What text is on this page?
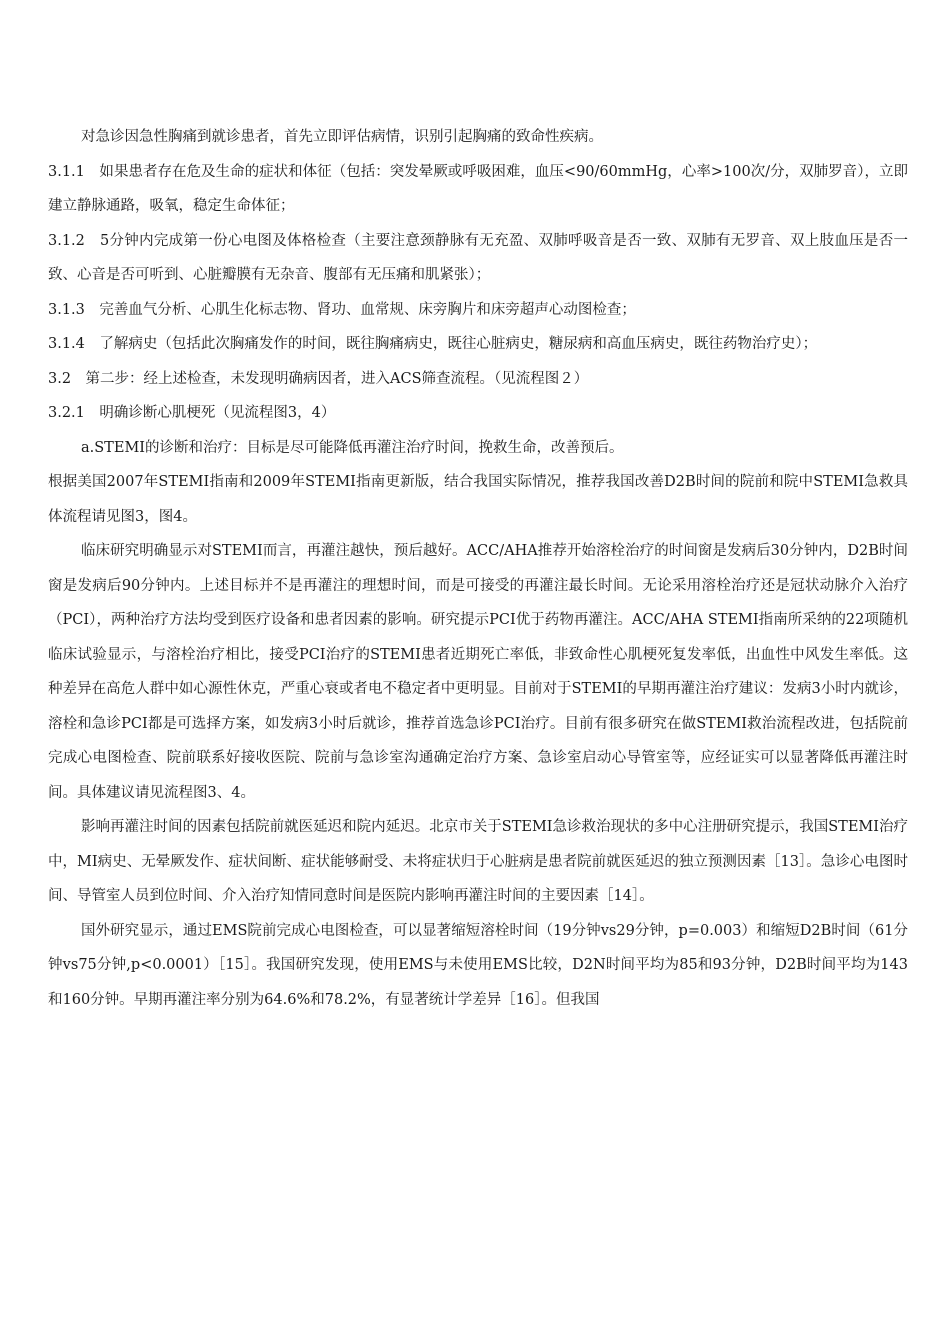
对急诊因急性胸痛到就诊患者，首先立即评估病情，识别引起胸痛的致命性疾病。

3.1.1　如果患者存在危及生命的症状和体征（包括：突发晕厥或呼吸困难，血压<90/60mmHg，心率>100次/分，双肺罗音），立即建立静脉通路，吸氧，稳定生命体征；

3.1.2　5分钟内完成第一份心电图及体格检查（主要注意颈静脉有无充盈、双肺呼吸音是否一致、双肺有无罗音、双上肢血压是否一致、心音是否可听到、心脏瓣膜有无杂音、腹部有无压痛和肌紧张）；

3.1.3　完善血气分析、心肌生化标志物、肾功、血常规、床旁胸片和床旁超声心动图检查；

3.1.4　了解病史（包括此次胸痛发作的时间，既往胸痛病史，既往心脏病史，糖尿病和高血压病史，既往药物治疗史）；

3.2　第二步：经上述检查，未发现明确病因者，进入ACS筛查流程。（见流程图２）

3.2.1　明确诊断心肌梗死（见流程图3，4）

a.STEMI的诊断和治疗：目标是尽可能降低再灌注治疗时间，挽救生命，改善预后。

根据美国2007年STEMI指南和2009年STEMI指南更新版，结合我国实际情况，推荐我国改善D2B时间的院前和院中STEMI急救具体流程请见图3，图4。

临床研究明确显示对STEMI而言，再灌注越快，预后越好。ACC/AHA推荐开始溶栓治疗的时间窗是发病后30分钟内，D2B时间窗是发病后90分钟内。上述目标并不是再灌注的理想时间，而是可接受的再灌注最长时间。无论采用溶栓治疗还是冠状动脉介入治疗（PCI），两种治疗方法均受到医疗设备和患者因素的影响。研究提示PCI优于药物再灌注。ACC/AHA STEMI指南所采纳的22项随机临床试验显示，与溶栓治疗相比，接受PCI治疗的STEMI患者近期死亡率低，非致命性心肌梗死复发率低，出血性中风发生率低。这种差异在高危人群中如心源性休克，严重心衰或者电不稳定者中更明显。目前对于STEMI的早期再灌注治疗建议：发病3小时内就诊，溶栓和急诊PCI都是可选择方案，如发病3小时后就诊，推荐首选急诊PCI治疗。目前有很多研究在做STEMI救治流程改进，包括院前完成心电图检查、院前联系好接收医院、院前与急诊室沟通确定治疗方案、急诊室启动心导管室等，应经证实可以显著降低再灌注时间。具体建议请见流程图3、4。

影响再灌注时间的因素包括院前就医延迟和院内延迟。北京市关于STEMI急诊救治现状的多中心注册研究提示，我国STEMI治疗中，MI病史、无晕厥发作、症状间断、症状能够耐受、未将症状归于心脏病是患者院前就医延迟的独立预测因素［13］。急诊心电图时间、导管室人员到位时间、介入治疗知情同意时间是医院内影响再灌注时间的主要因素［14］。

国外研究显示，通过EMS院前完成心电图检查，可以显著缩短溶栓时间（19分钟vs29分钟，p=0.003）和缩短D2B时间（61分钟vs75分钟,p<0.0001）［15］。我国研究发现，使用EMS与未使用EMS比较，D2N时间平均为85和93分钟，D2B时间平均为143和160分钟。早期再灌注率分别为64.6%和78.2%，有显著统计学差异［16］。但我国
